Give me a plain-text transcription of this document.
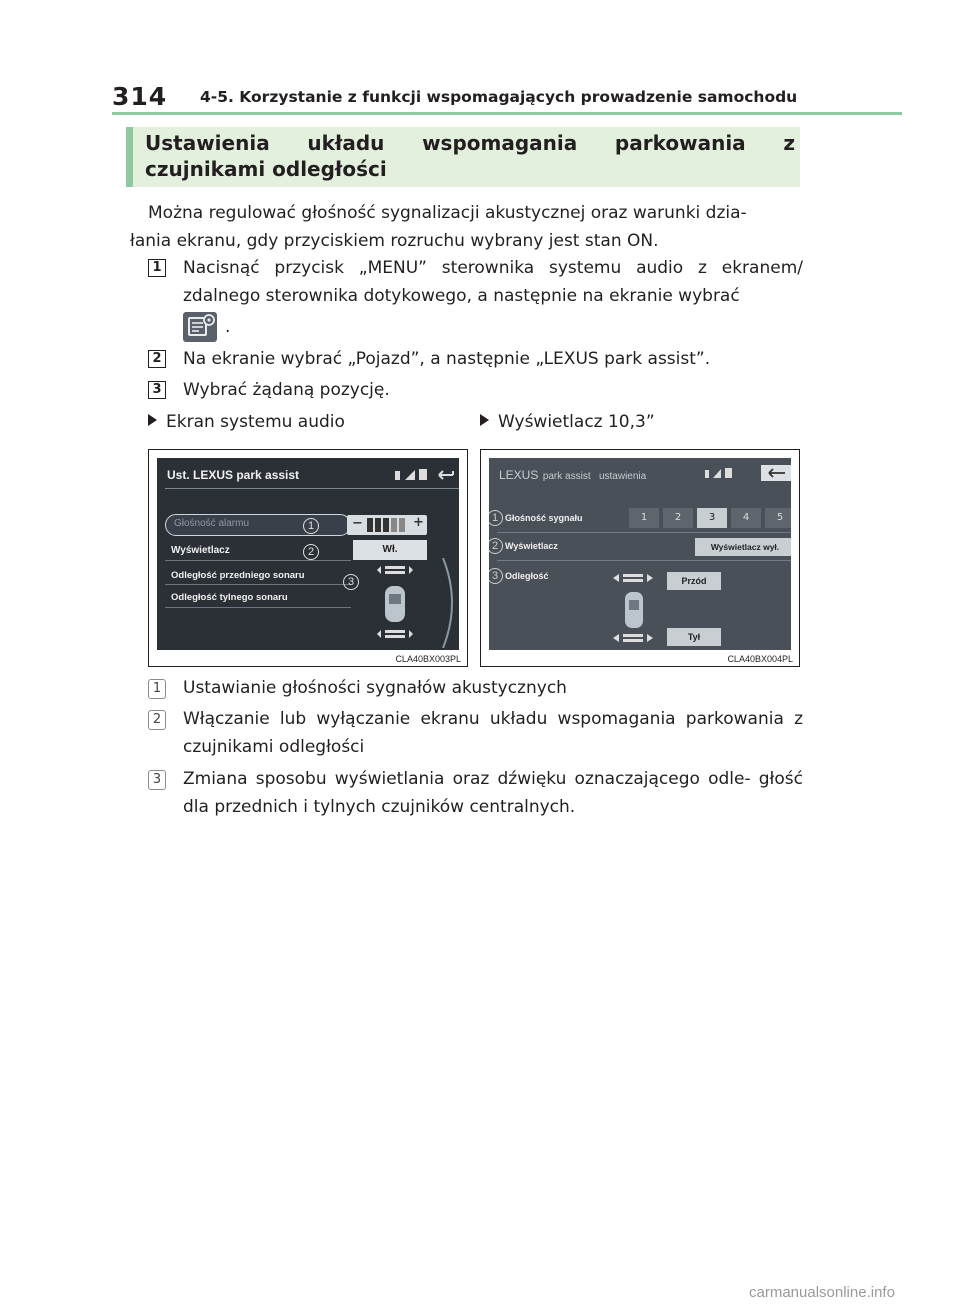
314 4-5. Korzystanie z funkcji wspomagających prowadzenie samochodu
Ustawienia układu wspomagania parkowania z czujnikami odległości
Można regulować głośność sygnalizacji akustycznej oraz warunki dzia-
łania ekranu, gdy przyciskiem rozruchu wybrany jest stan ON.
1	Nacisnąć przycisk „MENU” sterownika systemu audio z ekranem/ zdalnego sterownika dotykowego, a następnie na ekranie wybrać
.
2	Na ekranie wybrać „Pojazd”, a następnie „LEXUS park assist”.
3	Wybrać żądaną pozycję.
Ekran systemu audio	Wyświetlacz 10,3”
Ust. LEXUS park assist
Głośność alarmu	−	+
1
Wyświetlacz	Wł.
2
Odległość przedniego sonaru
Odległość tylnego sonaru
3
CLA40BX003PL
LEXUS park assist   ustawienia
1 Głośność sygnału	1	2	3	4	5
2 Wyświetlacz	Wyświetlacz wył.
3 Odległość	Przód
Tył
CLA40BX004PL
1	Ustawianie głośności sygnałów akustycznych
2	Włączanie lub wyłączanie ekranu układu wspomagania parkowania z czujnikami odległości
3	Zmiana sposobu wyświetlania oraz dźwięku oznaczającego odle- głość dla przednich i tylnych czujników centralnych.
carmanualsonline.info
